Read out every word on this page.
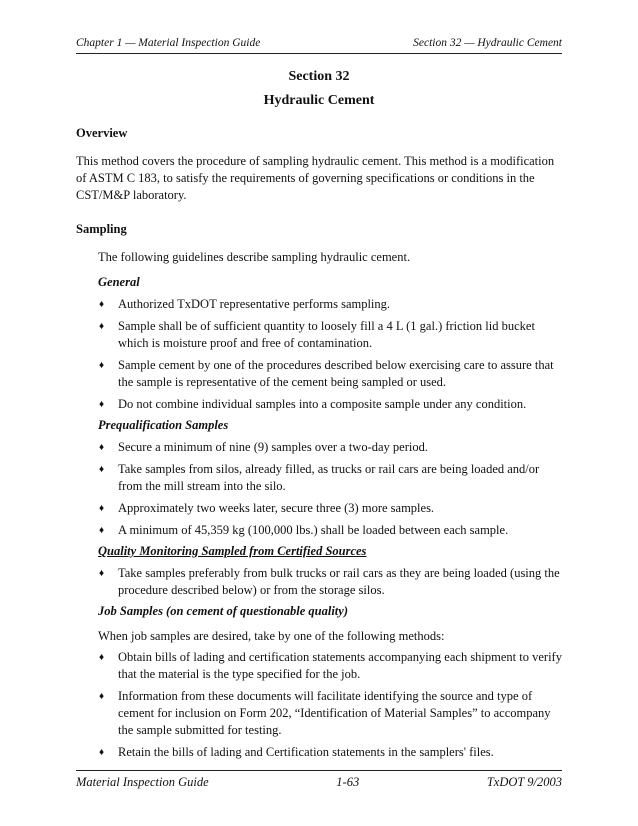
Chapter 1 — Material Inspection Guide	Section 32 — Hydraulic Cement
Section 32
Hydraulic Cement

Overview

This method covers the procedure of sampling hydraulic cement. This method is a modification of ASTM C 183, to satisfy the requirements of governing specifications or conditions in the CST/M&P laboratory.

Sampling

The following guidelines describe sampling hydraulic cement.

General

♦ Authorized TxDOT representative performs sampling.
♦ Sample shall be of sufficient quantity to loosely fill a 4 L (1 gal.) friction lid bucket which is moisture proof and free of contamination.
♦ Sample cement by one of the procedures described below exercising care to assure that the sample is representative of the cement being sampled or used.
♦ Do not combine individual samples into a composite sample under any condition.

Prequalification Samples

♦ Secure a minimum of nine (9) samples over a two-day period.
♦ Take samples from silos, already filled, as trucks or rail cars are being loaded and/or from the mill stream into the silo.
♦ Approximately two weeks later, secure three (3) more samples.
♦ A minimum of 45,359 kg (100,000 lbs.) shall be loaded between each sample.

Quality Monitoring Sampled from Certified Sources

♦ Take samples preferably from bulk trucks or rail cars as they are being loaded (using the procedure described below) or from the storage silos.

Job Samples (on cement of questionable quality)

When job samples are desired, take by one of the following methods:

♦ Obtain bills of lading and certification statements accompanying each shipment to verify that the material is the type specified for the job.
♦ Information from these documents will facilitate identifying the source and type of cement for inclusion on Form 202, “Identification of Material Samples” to accompany the sample submitted for testing.
♦ Retain the bills of lading and Certification statements in the samplers' files.
Material Inspection Guide	1-63	TxDOT 9/2003
